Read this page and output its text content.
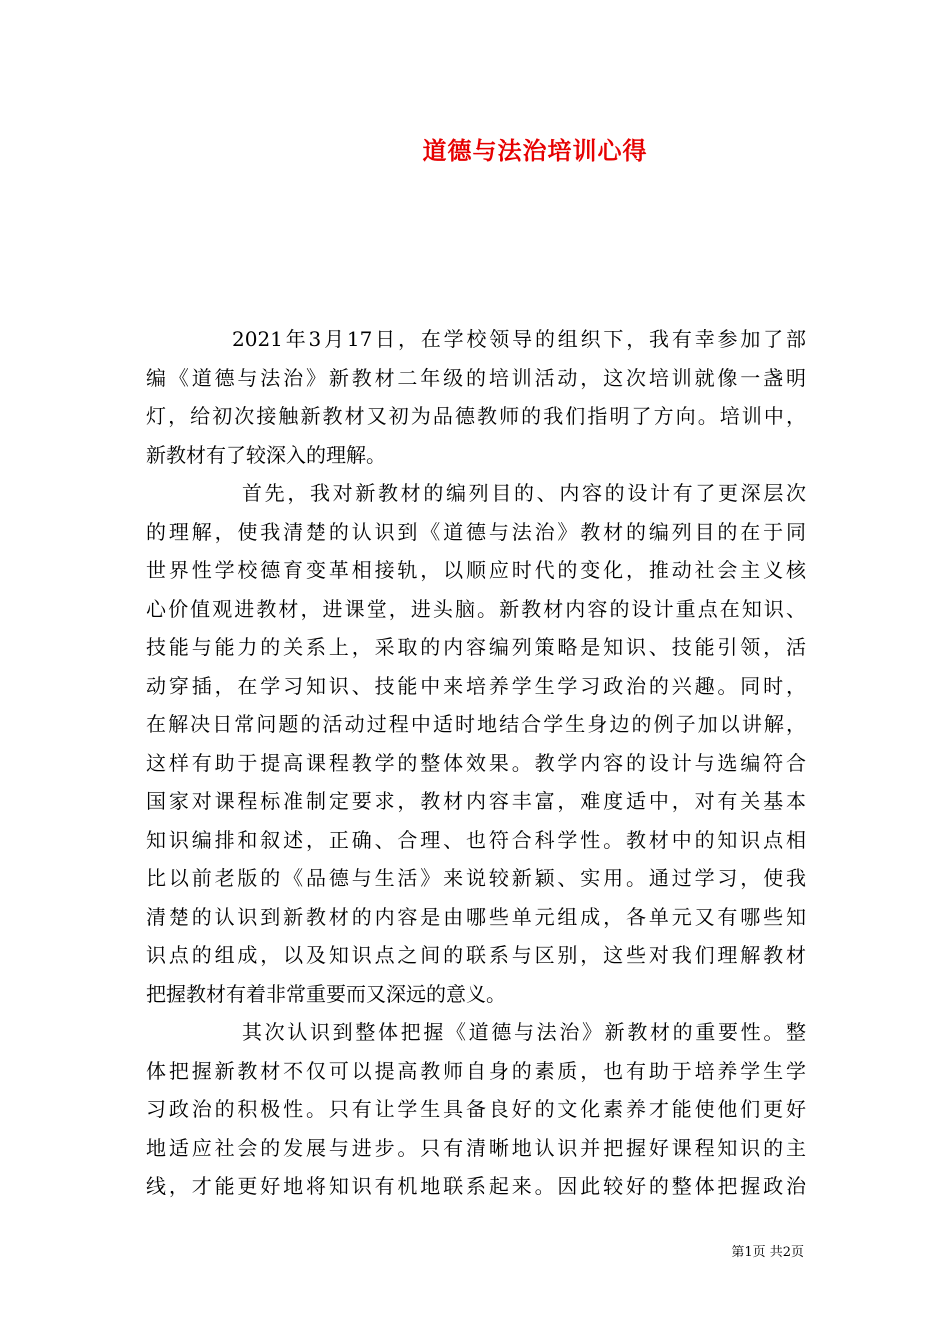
道德与法治培训心得
2021年3月17日，在学校领导的组织下，我有幸参加了部
编《道德与法治》新教材二年级的培训活动，这次培训就像一盏明
灯，给初次接触新教材又初为品德教师的我们指明了方向。培训中，
新教材有了较深入的理解。
首先，我对新教材的编列目的、内容的设计有了更深层次
的理解，使我清楚的认识到《道德与法治》教材的编列目的在于同
世界性学校德育变革相接轨，以顺应时代的变化，推动社会主义核
心价值观进教材，进课堂，进头脑。新教材内容的设计重点在知识、
技能与能力的关系上，采取的内容编列策略是知识、技能引领，活
动穿插，在学习知识、技能中来培养学生学习政治的兴趣。同时，
在解决日常问题的活动过程中适时地结合学生身边的例子加以讲解，
这样有助于提高课程教学的整体效果。教学内容的设计与选编符合
国家对课程标准制定要求，教材内容丰富，难度适中，对有关基本
知识编排和叙述，正确、合理、也符合科学性。教材中的知识点相
比以前老版的《品德与生活》来说较新颖、实用。通过学习，使我
清楚的认识到新教材的内容是由哪些单元组成，各单元又有哪些知
识点的组成，以及知识点之间的联系与区别，这些对我们理解教材
把握教材有着非常重要而又深远的意义。
其次认识到整体把握《道德与法治》新教材的重要性。整
体把握新教材不仅可以提高教师自身的素质，也有助于培养学生学
习政治的积极性。只有让学生具备良好的文化素养才能使他们更好
地适应社会的发展与进步。只有清晰地认识并把握好课程知识的主
线，才能更好地将知识有机地联系起来。因此较好的整体把握政治
第1页 共2页
